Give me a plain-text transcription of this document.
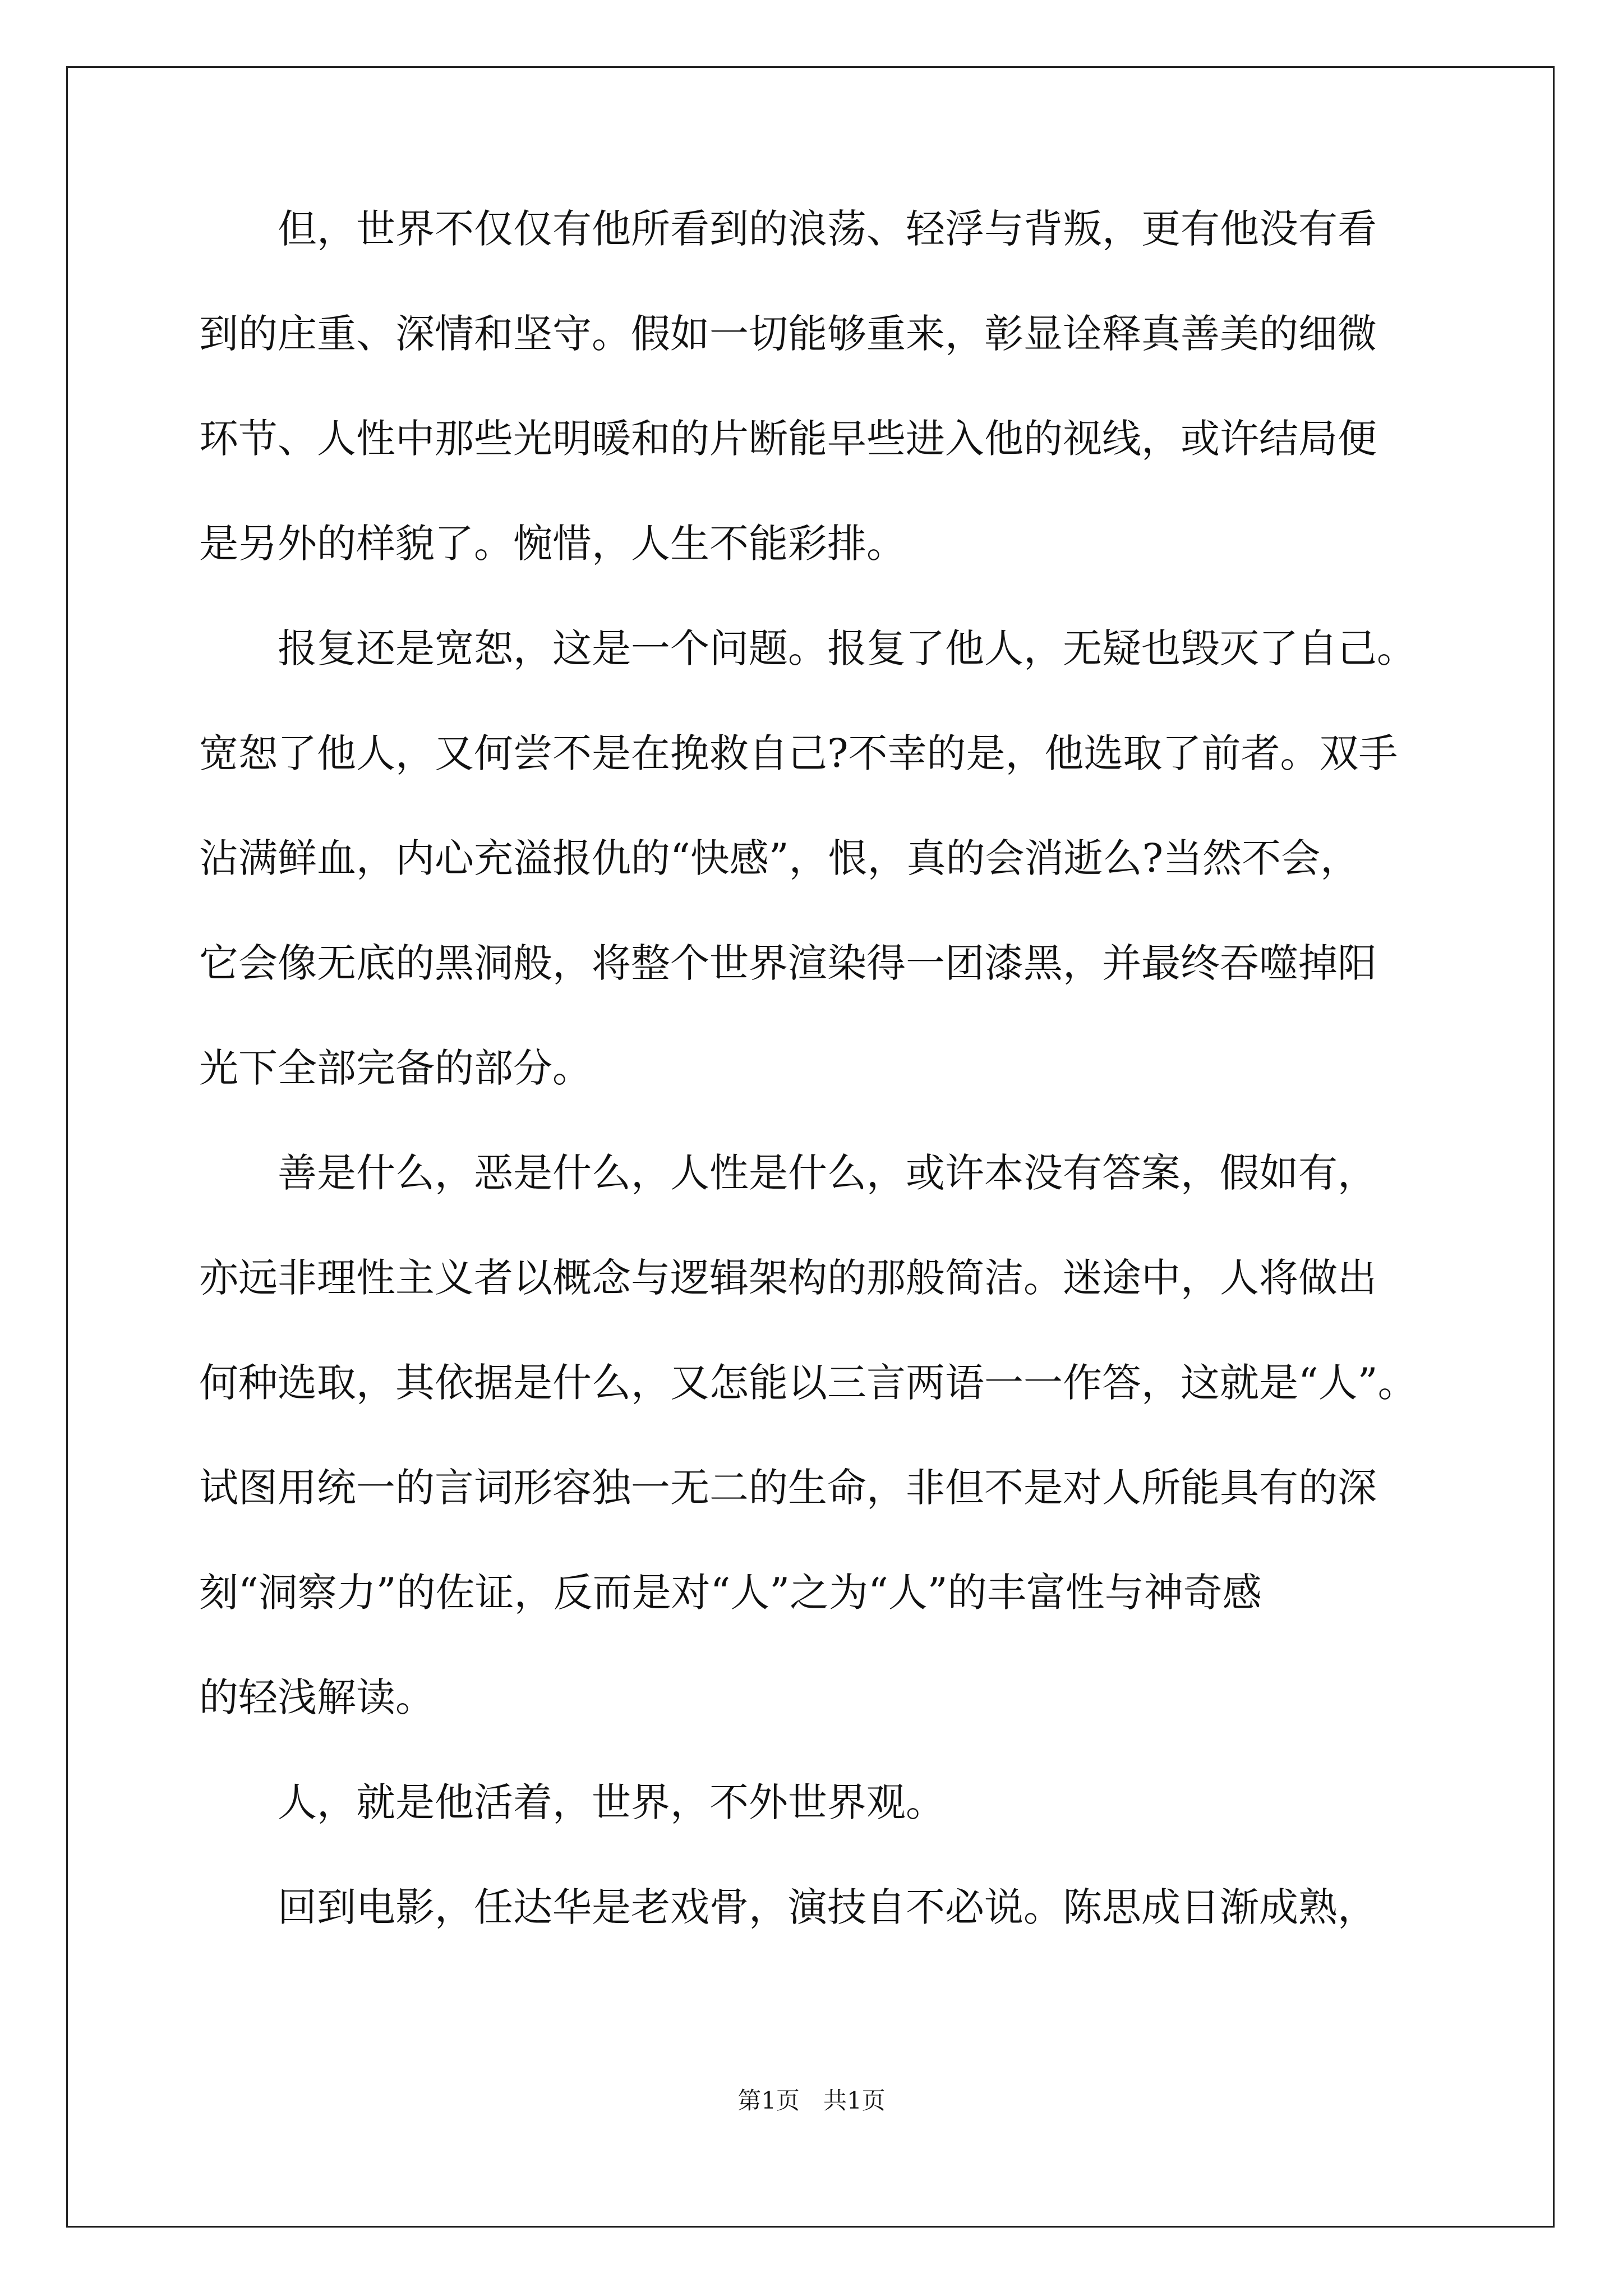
　　但，世界不仅仅有他所看到的浪荡、轻浮与背叛，更有他没有看
到的庄重、深情和坚守。假如一切能够重来，彰显诠释真善美的细微
环节、人性中那些光明暖和的片断能早些进入他的视线，或许结局便
是另外的样貌了。惋惜，人生不能彩排。
　　报复还是宽恕，这是一个问题。报复了他人，无疑也毁灭了自己。
宽恕了他人，又何尝不是在挽救自己?不幸的是，他选取了前者。双手
沾满鲜血，内心充溢报仇的“快感”，恨，真的会消逝么?当然不会，
它会像无底的黑洞般，将整个世界渲染得一团漆黑，并最终吞噬掉阳
光下全部完备的部分。
　　善是什么，恶是什么，人性是什么，或许本没有答案，假如有，
亦远非理性主义者以概念与逻辑架构的那般简洁。迷途中，人将做出
何种选取，其依据是什么，又怎能以三言两语一一作答，这就是“人”。
试图用统一的言词形容独一无二的生命，非但不是对人所能具有的深
刻“洞察力”的佐证，反而是对“人”之为“人”的丰富性与神奇感
的轻浅解读。
　　人，就是他活着，世界，不外世界观。
　　回到电影，任达华是老戏骨，演技自不必说。陈思成日渐成熟，
第1页　共1页
